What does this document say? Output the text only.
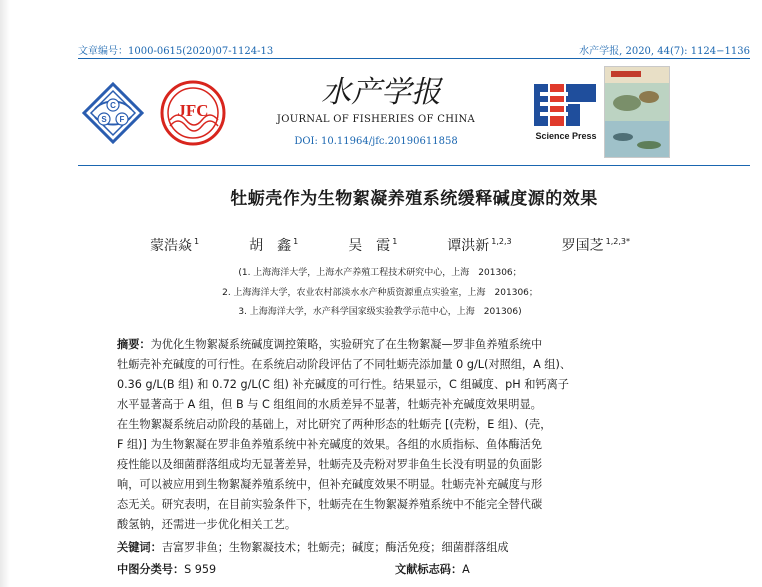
文章编号：1000-0615(2020)07-1124-13	水产学报, 2020, 44(7): 1124−1136
C
S F	JFC
水产学报
JOURNAL OF FISHERIES OF CHINA
DOI: 10.11964/jfc.20190611858	Science Press
牡蛎壳作为生物絮凝养殖系统缓释碱度源的效果
蒙浩焱 $^1$	胡　鑫 $^1$	吴　霞 $^1$	谭洪新 $^{1,2,3}$	罗国芝 $^{1,2,3*}$
(1. 上海海洋大学，上海水产养殖工程技术研究中心，上海　201306；
2. 上海海洋大学，农业农村部淡水水产种质资源重点实验室，上海　201306；
3. 上海海洋大学，水产科学国家级实验教学示范中心，上海　201306)
摘要：为优化生物絮凝系统碱度调控策略，实验研究了在生物絮凝—罗非鱼养殖系统中
牡蛎壳补充碱度的可行性。在系统启动阶段评估了不同牡蛎壳添加量 0 g/L(对照组，A 组)、
0.36 g/L(B 组) 和 0.72 g/L(C 组) 补充碱度的可行性。结果显示，C 组碱度、pH 和钙离子
水平显著高于 A 组，但 B 与 C 组组间的水质差异不显著，牡蛎壳补充碱度效果明显。
在生物絮凝系统启动阶段的基础上，对比研究了两种形态的牡蛎壳 [(壳粉，E 组)、(壳，
F 组)] 为生物絮凝在罗非鱼养殖系统中补充碱度的效果。各组的水质指标、鱼体酶活免
疫性能以及细菌群落组成均无显著差异，牡蛎壳及壳粉对罗非鱼生长没有明显的负面影
响，可以被应用到生物絮凝养殖系统中，但补充碱度效果不明显。牡蛎壳补充碱度与形
态无关。研究表明，在目前实验条件下，牡蛎壳在生物絮凝养殖系统中不能完全替代碳
酸氢钠，还需进一步优化相关工艺。
关键词：吉富罗非鱼；生物絮凝技术；牡蛎壳；碱度；酶活免疫；细菌群落组成
中图分类号：S 959	文献标志码：A
